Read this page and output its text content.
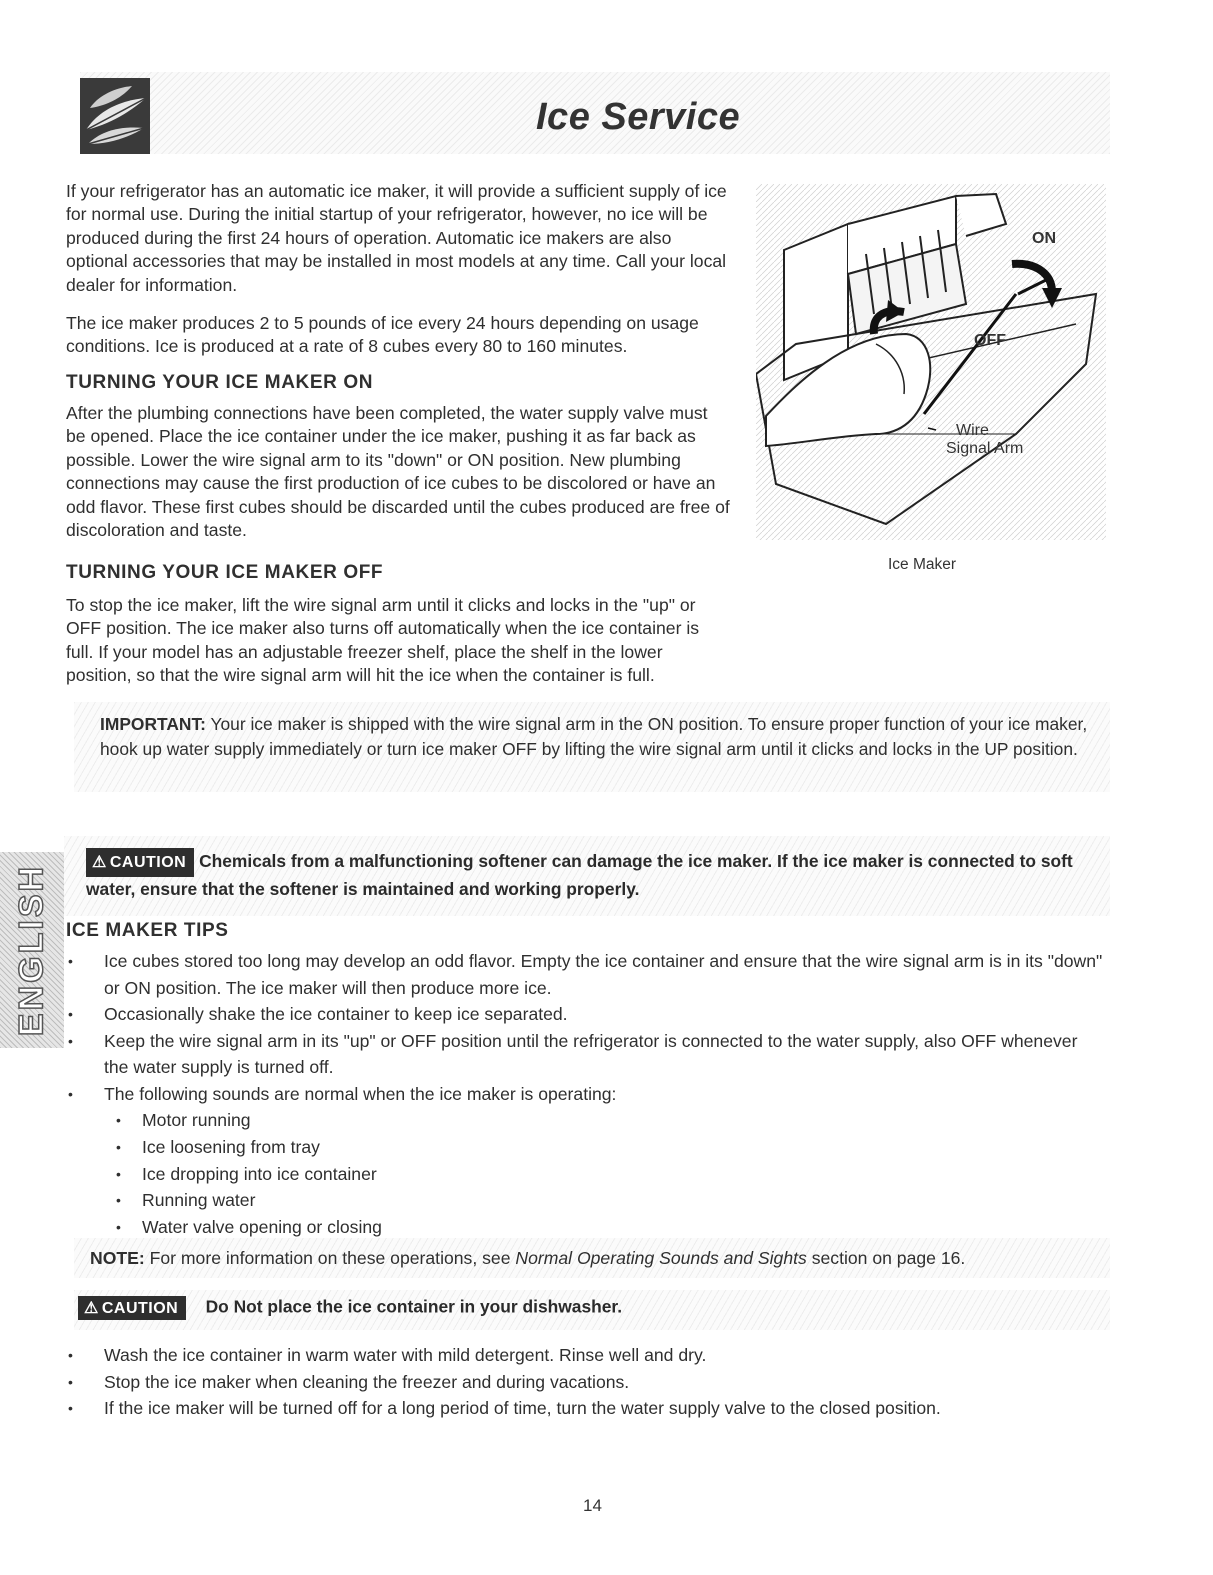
Ice Service

If your refrigerator has an automatic ice maker, it will provide a sufficient supply of ice for normal use. During the initial startup of your refrigerator, however, no ice will be produced during the first 24 hours of operation. Automatic ice makers are also optional accessories that may be installed in most models at any time. Call your local dealer for information.

The ice maker produces 2 to 5 pounds of ice every 24 hours depending on usage conditions. Ice is produced at a rate of 8 cubes every 80 to 160 minutes.

TURNING YOUR ICE MAKER ON

After the plumbing connections have been completed, the water supply valve must be opened. Place the ice container under the ice maker, pushing it as far back as possible. Lower the wire signal arm to its "down" or ON position. New plumbing connections may cause the first production of ice cubes to be discolored or have an odd flavor. These first cubes should be discarded until the cubes produced are free of discoloration and taste.

TURNING YOUR ICE MAKER OFF

To stop the ice maker, lift the wire signal arm until it clicks and locks in the "up" or OFF position. The ice maker also turns off automatically when the ice container is full. If your model has an adjustable freezer shelf, place the shelf in the lower position, so that the wire signal arm will hit the ice when the container is full.

ON
OFF
Wire
Signal Arm
Ice Maker

IMPORTANT: Your ice maker is shipped with the wire signal arm in the ON position. To ensure proper function of your ice maker, hook up water supply immediately or turn ice maker OFF by lifting the wire signal arm until it clicks and locks in the UP position.

⚠ CAUTION Chemicals from a malfunctioning softener can damage the ice maker. If the ice maker is connected to soft water, ensure that the softener is maintained and working properly.

ENGLISH ICE MAKER TIPS
• Ice cubes stored too long may develop an odd flavor. Empty the ice container and ensure that the wire signal arm is in its "down" or ON position. The ice maker will then produce more ice.
• Occasionally shake the ice container to keep ice separated.
• Keep the wire signal arm in its "up" or OFF position until the refrigerator is connected to the water supply, also OFF whenever the water supply is turned off.
• The following sounds are normal when the ice maker is operating:
• Motor running
• Ice loosening from tray
• Ice dropping into ice container
• Running water
• Water valve opening or closing

NOTE: For more information on these operations, see Normal Operating Sounds and Sights section on page 16.

⚠ CAUTION Do Not place the ice container in your dishwasher.

• Wash the ice container in warm water with mild detergent. Rinse well and dry.
• Stop the ice maker when cleaning the freezer and during vacations.
• If the ice maker will be turned off for a long period of time, turn the water supply valve to the closed position.
14
